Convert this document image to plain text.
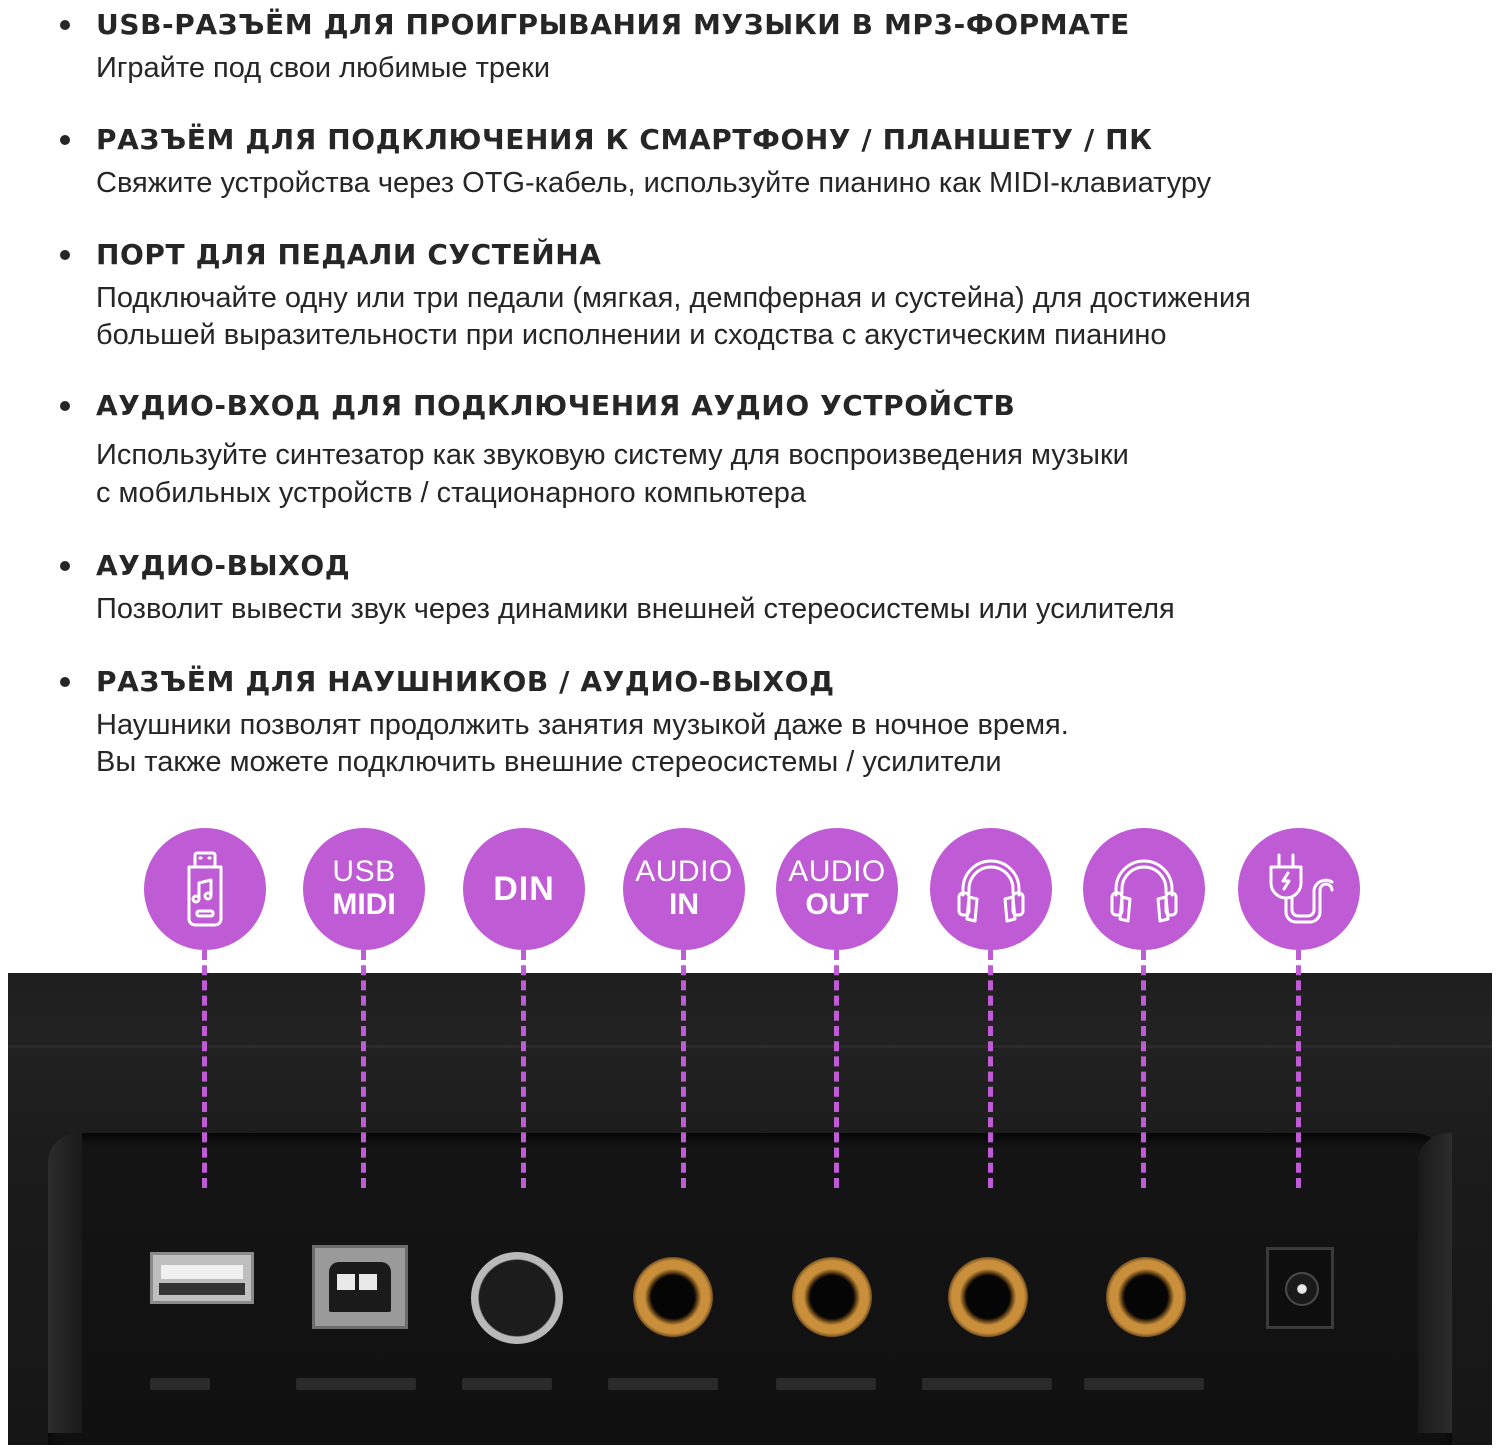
USB-РАЗЪЁМ ДЛЯ ПРОИГРЫВАНИЯ МУЗЫКИ В MP3-ФОРМАТЕ

Играйте под свои любимые треки

РАЗЪЁМ ДЛЯ ПОДКЛЮЧЕНИЯ К СМАРТФОНУ / ПЛАНШЕТУ / ПК

Свяжите устройства через OTG-кабель, используйте пианино как MIDI-клавиатуру

ПОРТ ДЛЯ ПЕДАЛИ СУСТЕЙНА

Подключайте одну или три педали (мягкая, демпферная и сустейна) для достижения

большей выразительности при исполнении и сходства с акустическим пианино

АУДИО-ВХОД ДЛЯ ПОДКЛЮЧЕНИЯ АУДИО УСТРОЙСТВ

Используйте синтезатор как звуковую систему для воспроизведения музыки

с мобильных устройств / стационарного компьютера

АУДИО-ВЫХОД

Позволит вывести звук через динамики внешней стереосистемы или усилителя

РАЗЪЁМ ДЛЯ НАУШНИКОВ / АУДИО-ВЫХОД

Наушники позволят продолжить занятия музыкой даже в ночное время.

Вы также можете подключить внешние стереосистемы / усилители

USB
MIDI	DIN	AUDIO
IN
AUDIO
OUT
